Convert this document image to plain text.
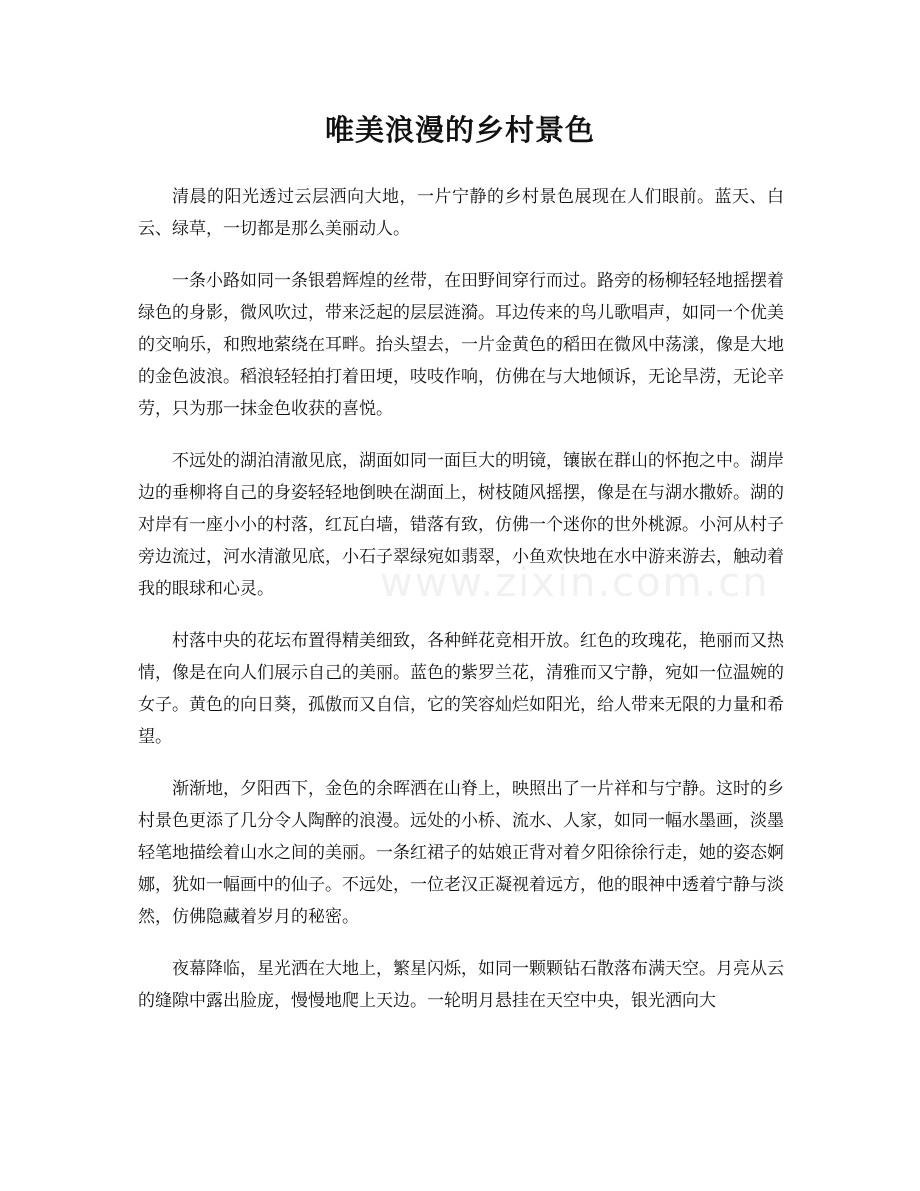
唯美浪漫的乡村景色

清晨的阳光透过云层洒向大地，一片宁静的乡村景色展现在人们眼前。蓝天、白云、绿草，一切都是那么美丽动人。

一条小路如同一条银碧辉煌的丝带，在田野间穿行而过。路旁的杨柳轻轻地摇摆着绿色的身影，微风吹过，带来泛起的层层涟漪。耳边传来的鸟儿歌唱声，如同一个优美的交响乐，和煦地萦绕在耳畔。抬头望去，一片金黄色的稻田在微风中荡漾，像是大地的金色波浪。稻浪轻轻拍打着田埂，吱吱作响，仿佛在与大地倾诉，无论旱涝，无论辛劳，只为那一抹金色收获的喜悦。

不远处的湖泊清澈见底，湖面如同一面巨大的明镜，镶嵌在群山的怀抱之中。湖岸边的垂柳将自己的身姿轻轻地倒映在湖面上，树枝随风摇摆，像是在与湖水撒娇。湖的对岸有一座小小的村落，红瓦白墙，错落有致，仿佛一个迷你的世外桃源。小河从村子旁边流过，河水清澈见底，小石子翠绿宛如翡翠，小鱼欢快地在水中游来游去，触动着我的眼球和心灵。

村落中央的花坛布置得精美细致，各种鲜花竞相开放。红色的玫瑰花，艳丽而又热情，像是在向人们展示自己的美丽。蓝色的紫罗兰花，清雅而又宁静，宛如一位温婉的女子。黄色的向日葵，孤傲而又自信，它的笑容灿烂如阳光，给人带来无限的力量和希望。

渐渐地，夕阳西下，金色的余晖洒在山脊上，映照出了一片祥和与宁静。这时的乡村景色更添了几分令人陶醉的浪漫。远处的小桥、流水、人家，如同一幅水墨画，淡墨轻笔地描绘着山水之间的美丽。一条红裙子的姑娘正背对着夕阳徐徐行走，她的姿态婀娜，犹如一幅画中的仙子。不远处，一位老汉正凝视着远方，他的眼神中透着宁静与淡然，仿佛隐藏着岁月的秘密。

夜幕降临，星光洒在大地上，繁星闪烁，如同一颗颗钻石散落布满天空。月亮从云的缝隙中露出脸庞，慢慢地爬上天边。一轮明月悬挂在天空中央，银光洒向大

www.zixin.com.cn
